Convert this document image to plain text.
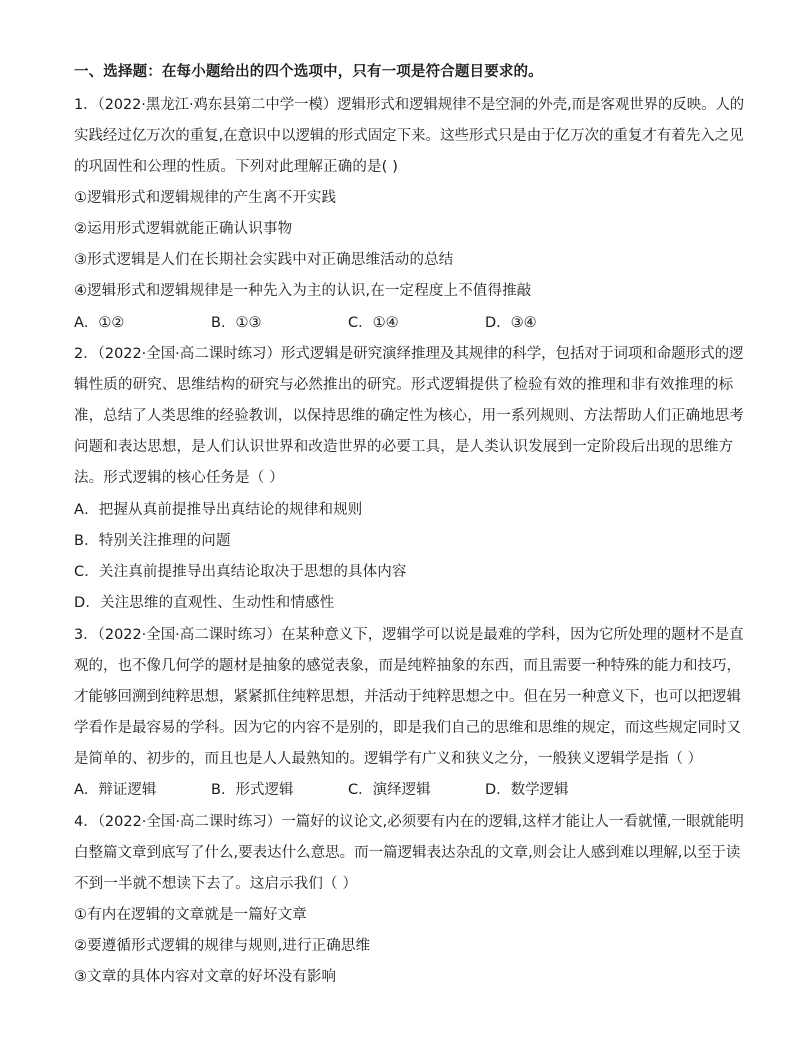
一、选择题：在每小题给出的四个选项中，只有一项是符合题目要求的。
1．（2022·黑龙江·鸡东县第二中学一模）逻辑形式和逻辑规律不是空洞的外壳,而是客观世界的反映。人的
实践经过亿万次的重复,在意识中以逻辑的形式固定下来。这些形式只是由于亿万次的重复才有着先入之见
的巩固性和公理的性质。下列对此理解正确的是( )
①逻辑形式和逻辑规律的产生离不开实践
②运用形式逻辑就能正确认识事物
③形式逻辑是人们在长期社会实践中对正确思维活动的总结
④逻辑形式和逻辑规律是一种先入为主的认识,在一定程度上不值得推敲
A．①②	B．①③	C．①④	D．③④
2．（2022·全国·高二课时练习）形式逻辑是研究演绎推理及其规律的科学，包括对于词项和命题形式的逻
辑性质的研究、思维结构的研究与必然推出的研究。形式逻辑提供了检验有效的推理和非有效推理的标
准，总结了人类思维的经验教训，以保持思维的确定性为核心，用一系列规则、方法帮助人们正确地思考
问题和表达思想，是人们认识世界和改造世界的必要工具，是人类认识发展到一定阶段后出现的思维方
法。形式逻辑的核心任务是（ ）
A．把握从真前提推导出真结论的规律和规则
B．特别关注推理的问题
C．关注真前提推导出真结论取决于思想的具体内容
D．关注思维的直观性、生动性和情感性
3．（2022·全国·高二课时练习）在某种意义下，逻辑学可以说是最难的学科，因为它所处理的题材不是直
观的，也不像几何学的题材是抽象的感觉表象，而是纯粹抽象的东西，而且需要一种特殊的能力和技巧，
才能够回溯到纯粹思想，紧紧抓住纯粹思想，并活动于纯粹思想之中。但在另一种意义下，也可以把逻辑
学看作是最容易的学科。因为它的内容不是别的，即是我们自己的思维和思维的规定，而这些规定同时又
是简单的、初步的，而且也是人人最熟知的。逻辑学有广义和狭义之分，一般狭义逻辑学是指（ ）
A．辩证逻辑	B．形式逻辑	C．演绎逻辑	D．数学逻辑
4．（2022·全国·高二课时练习）一篇好的议论文,必须要有内在的逻辑,这样才能让人一看就懂,一眼就能明
白整篇文章到底写了什么,要表达什么意思。而一篇逻辑表达杂乱的文章,则会让人感到难以理解,以至于读
不到一半就不想读下去了。这启示我们（ ）
①有内在逻辑的文章就是一篇好文章
②要遵循形式逻辑的规律与规则,进行正确思维
③文章的具体内容对文章的好坏没有影响
